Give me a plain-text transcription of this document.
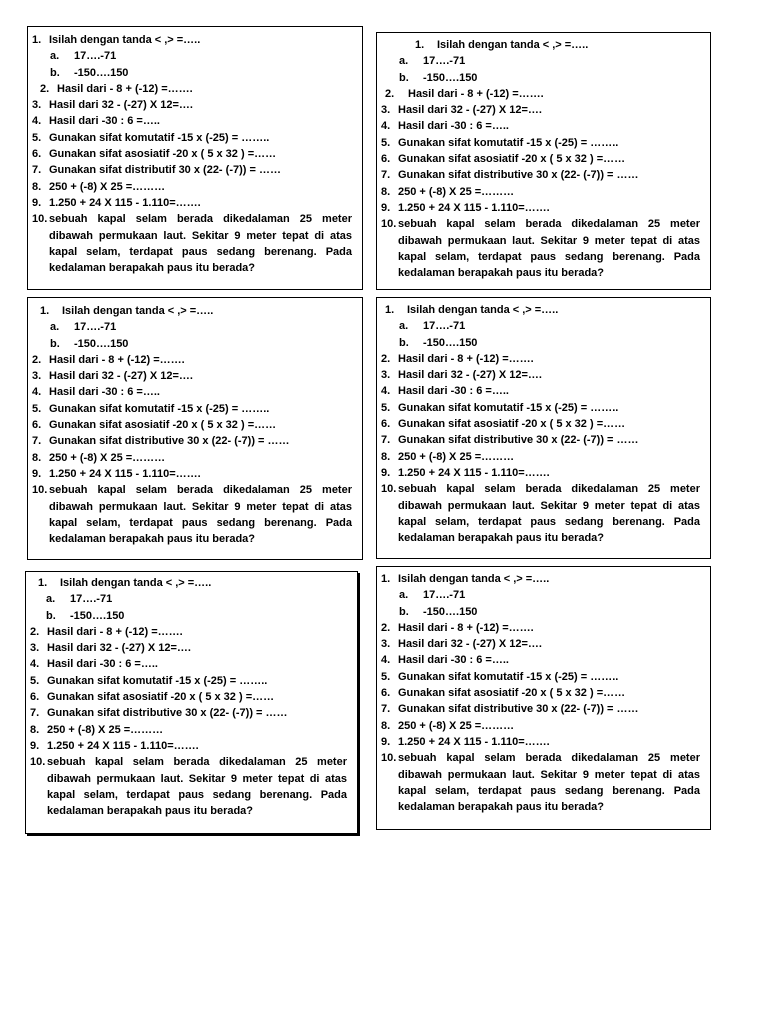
1. Isilah dengan tanda < ,> =…..
a.	17….-71
b.	-150….150
2. Hasil dari - 8 + (-12) =…….
3. Hasil dari 32 - (-27) X 12=….
4. Hasil dari -30 : 6 =…..
5. Gunakan sifat komutatif -15 x (-25) = ……..
6. Gunakan sifat asosiatif -20 x ( 5 x 32 ) =……
7. Gunakan sifat distributif 30 x (22- (-7)) = ……
8. 250 + (-8) X 25 =………
9. 1.250 + 24 X 115 - 1.110=…….
10. sebuah kapal selam berada dikedalaman 25 meter
dibawah permukaan laut. Sekitar 9 meter tepat di atas
kapal selam, terdapat paus sedang berenang. Pada
kedalaman berapakah paus itu berada?
1.	Isilah dengan tanda < ,> =…..
a.	17….-71
b.	-150….150
2.	Hasil dari - 8 + (-12) =…….
3. Hasil dari 32 - (-27) X 12=….
4. Hasil dari -30 : 6 =…..
5. Gunakan sifat komutatif -15 x (-25) = ……..
6. Gunakan sifat asosiatif -20 x ( 5 x 32 ) =……
7. Gunakan sifat distributive 30 x (22- (-7)) = ……
8. 250 + (-8) X 25 =………
9. 1.250 + 24 X 115 - 1.110=…….
10. sebuah kapal selam berada dikedalaman 25 meter
dibawah permukaan laut. Sekitar 9 meter tepat di atas
kapal selam, terdapat paus sedang berenang. Pada
kedalaman berapakah paus itu berada?
1.	Isilah dengan tanda < ,> =…..
a.	17….-71
b.	-150….150
2. Hasil dari - 8 + (-12) =…….
3. Hasil dari 32 - (-27) X 12=….
4. Hasil dari -30 : 6 =…..
5. Gunakan sifat komutatif -15 x (-25) = ……..
6. Gunakan sifat asosiatif -20 x ( 5 x 32 ) =……
7. Gunakan sifat distributive 30 x (22- (-7)) = ……
8. 250 + (-8) X 25 =………
9. 1.250 + 24 X 115 - 1.110=…….
10. sebuah kapal selam berada dikedalaman 25 meter
dibawah permukaan laut. Sekitar 9 meter tepat di atas
kapal selam, terdapat paus sedang berenang. Pada
kedalaman berapakah paus itu berada?
1.	Isilah dengan tanda < ,> =…..
a.	17….-71
b.	-150….150
2. Hasil dari - 8 + (-12) =…….
3. Hasil dari 32 - (-27) X 12=….
4. Hasil dari -30 : 6 =…..
5. Gunakan sifat komutatif -15 x (-25) = ……..
6. Gunakan sifat asosiatif -20 x ( 5 x 32 ) =……
7. Gunakan sifat distributive 30 x (22- (-7)) = ……
8. 250 + (-8) X 25 =………
9. 1.250 + 24 X 115 - 1.110=…….
10. sebuah kapal selam berada dikedalaman 25 meter
dibawah permukaan laut. Sekitar 9 meter tepat di atas
kapal selam, terdapat paus sedang berenang. Pada
kedalaman berapakah paus itu berada?
1.	Isilah dengan tanda < ,> =…..
a.	17….-71
b.	-150….150
2. Hasil dari - 8 + (-12) =…….
3. Hasil dari 32 - (-27) X 12=….
4. Hasil dari -30 : 6 =…..
5. Gunakan sifat komutatif -15 x (-25) = ……..
6. Gunakan sifat asosiatif -20 x ( 5 x 32 ) =……
7. Gunakan sifat distributive 30 x (22- (-7)) = ……
8. 250 + (-8) X 25 =………
9. 1.250 + 24 X 115 - 1.110=…….
10. sebuah kapal selam berada dikedalaman 25 meter
dibawah permukaan laut. Sekitar 9 meter tepat di atas
kapal selam, terdapat paus sedang berenang. Pada
kedalaman berapakah paus itu berada?
1. Isilah dengan tanda < ,> =…..
a.	17….-71
b.	-150….150
2. Hasil dari - 8 + (-12) =…….
3. Hasil dari 32 - (-27) X 12=….
4. Hasil dari -30 : 6 =…..
5. Gunakan sifat komutatif -15 x (-25) = ……..
6. Gunakan sifat asosiatif -20 x ( 5 x 32 ) =……
7. Gunakan sifat distributive 30 x (22- (-7)) = ……
8. 250 + (-8) X 25 =………
9. 1.250 + 24 X 115 - 1.110=…….
10. sebuah kapal selam berada dikedalaman 25 meter
dibawah permukaan laut. Sekitar 9 meter tepat di atas
kapal selam, terdapat paus sedang berenang. Pada
kedalaman berapakah paus itu berada?
